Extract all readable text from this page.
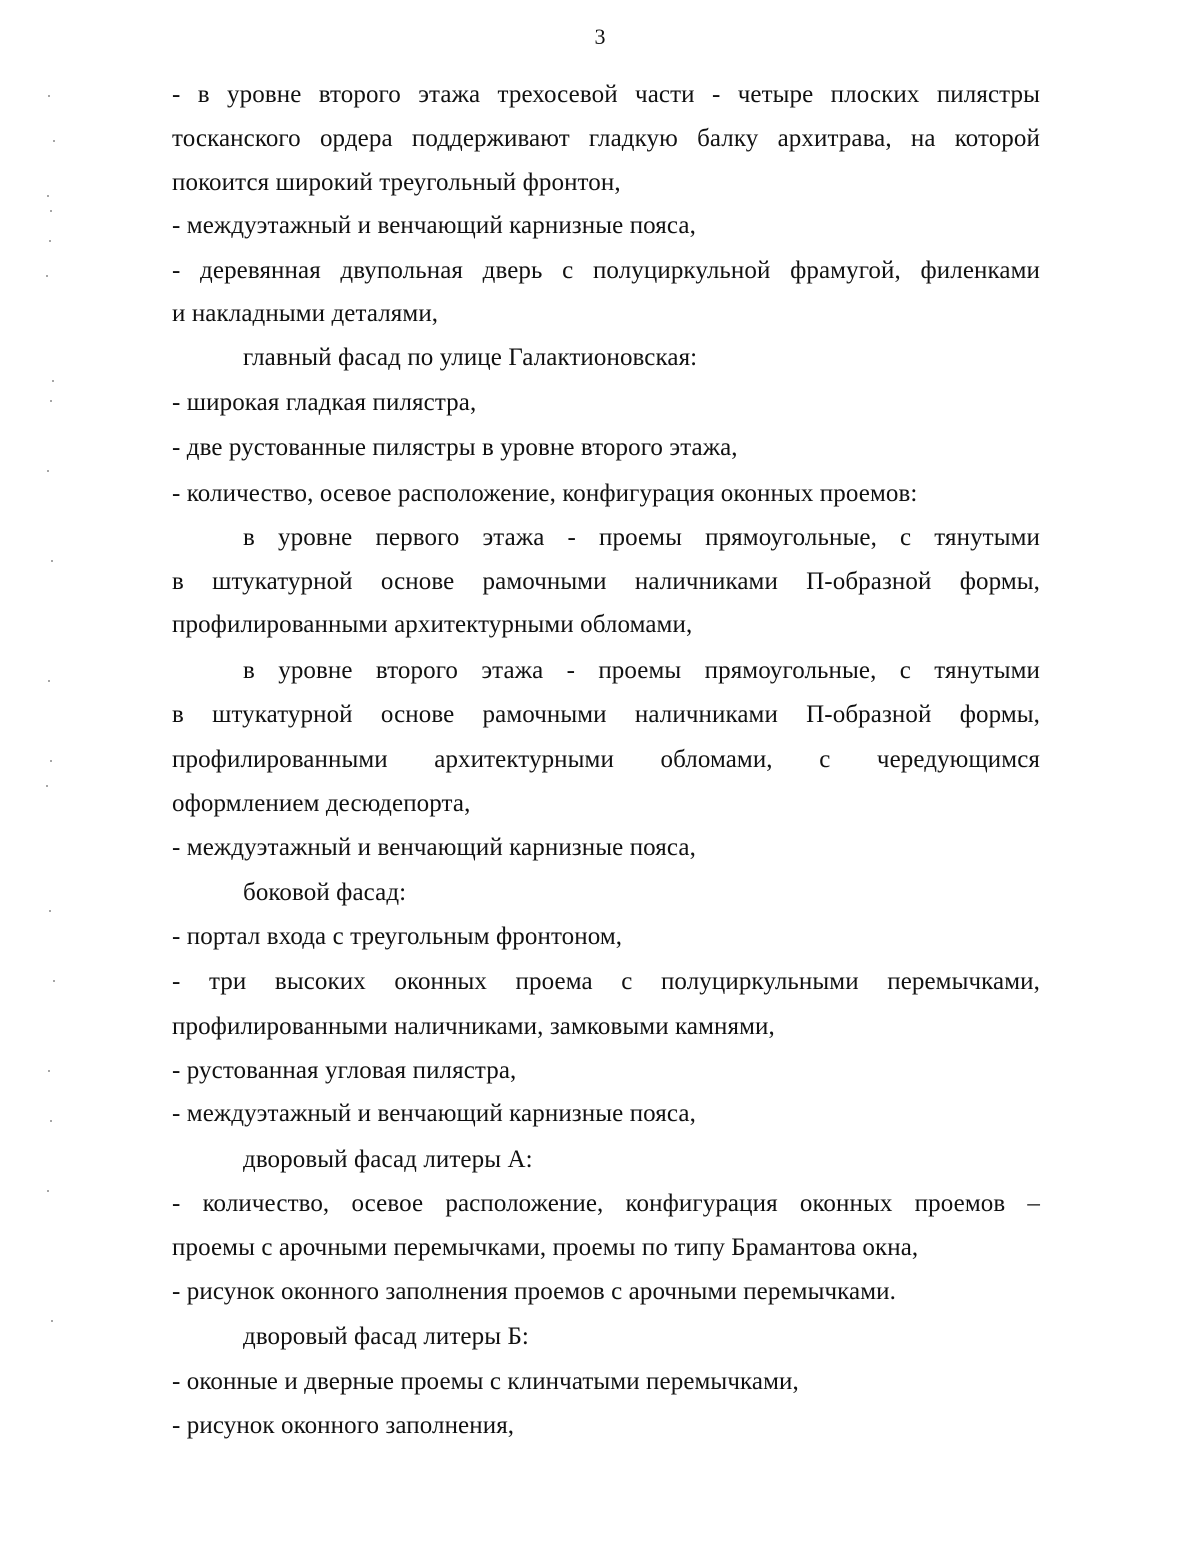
3
- в уровне второго этажа трехосевой части - четыре плоских пилястры
тосканского ордера поддерживают гладкую балку архитрава, на которой
покоится широкий треугольный фронтон,
- междуэтажный и венчающий карнизные пояса,
- деревянная двупольная дверь с полуциркульной фрамугой, филенками
и накладными деталями,
главный фасад по улице Галактионовская:
- широкая гладкая пилястра,
- две рустованные пилястры в уровне второго этажа,
- количество, осевое расположение, конфигурация оконных проемов:
в уровне первого этажа - проемы прямоугольные, с тянутыми
в штукатурной основе рамочными наличниками П-образной формы,
профилированными архитектурными обломами,
в уровне второго этажа - проемы прямоугольные, с тянутыми
в штукатурной основе рамочными наличниками П-образной формы,
профилированными архитектурными обломами, с чередующимся
оформлением десюдепорта,
- междуэтажный и венчающий карнизные пояса,
боковой фасад:
- портал входа с треугольным фронтоном,
- три высоких оконных проема с полуциркульными перемычками,
профилированными наличниками, замковыми камнями,
- рустованная угловая пилястра,
- междуэтажный и венчающий карнизные пояса,
дворовый фасад литеры А:
- количество, осевое расположение, конфигурация оконных проемов –
проемы с арочными перемычками, проемы по типу Брамантова окна,
- рисунок оконного заполнения проемов с арочными перемычками.
дворовый фасад литеры Б:
- оконные и дверные проемы с клинчатыми перемычками,
- рисунок оконного заполнения,
